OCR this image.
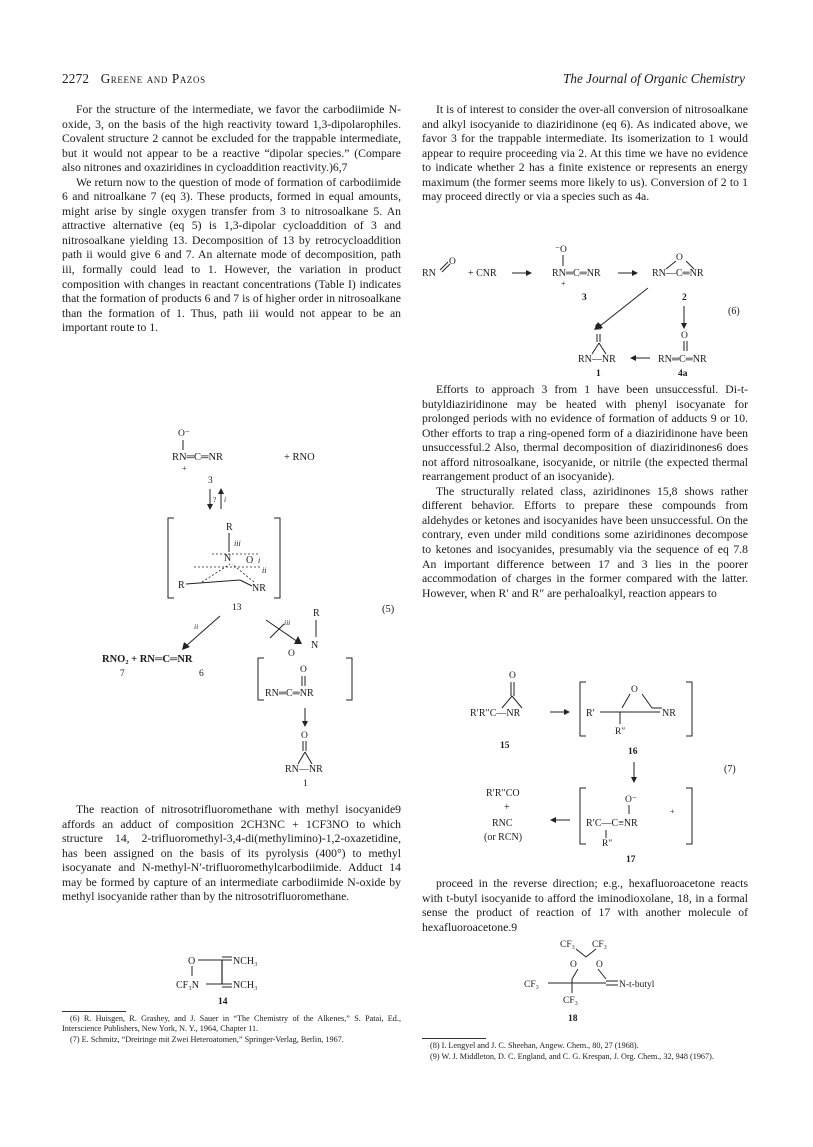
2272 Greene and Pazos	The Journal of Organic Chemistry

For the structure of the intermediate, we favor the carbodiimide N-oxide, 3, on the basis of the high reactivity toward 1,3-dipolarophiles. Covalent structure 2 cannot be excluded for the trappable intermediate, but it would not appear to be a reactive “dipolar species.” (Compare also nitrones and oxaziridines in cycloaddition reactivity.)6,7

We return now to the question of mode of formation of carbodiimide 6 and nitroalkane 7 (eq 3). These products, formed in equal amounts, might arise by single oxygen transfer from 3 to nitrosoalkane 5. An attractive alternative (eq 5) is 1,3-dipolar cycloaddition of 3 and nitrosoalkane yielding 13. Decomposition of 13 by retrocycloaddition path ii would give 6 and 7. An alternate mode of decomposition, path iii, formally could lead to 1. However, the variation in product composition with changes in reactant concentrations (Table I) indicates that the formation of products 6 and 7 is of higher order in nitrosoalkane than the formation of 1. Thus, path iii would not appear to be an important route to 1.

O⁻
RN═C═NR	+ RNO
+
3
? i
R
iii
N O i
ii
R	NR
13	(5)
ii	iii
RNO₂ + RN═C═NR
7	6
R
N
O
O
RN═C═NR
O
RN—NR
1

The reaction of nitrosotrifluoromethane with methyl isocyanide9 affords an adduct of composition 2CH3NC + 1CF3NO to which structure 14, 2-trifluoromethyl-3,4-di(methylimino)-1,2-oxazetidine, has been assigned on the basis of its pyrolysis (400°) to methyl isocyanate and N-methyl-N′-trifluoromethylcarbodiimide. Adduct 14 may be formed by capture of an intermediate carbodiimide N-oxide by methyl isocyanide rather than by the nitrosotrifluoromethane.

O	NCH₃
CF₃N	NCH₃
14

(6) R. Huisgen, R. Grashey, and J. Sauer in “The Chemistry of the Alkenes,” S. Patai, Ed., Interscience Publishers, New York, N. Y., 1964, Chapter 11.

(7) E. Schmitz, “Dreiringe mit Zwei Heteroatomen,” Springer-Verlag, Berlin, 1967.

It is of interest to consider the over-all conversion of nitrosoalkane and alkyl isocyanide to diaziridinone (eq 6). As indicated above, we favor 3 for the trappable intermediate. Its isomerization to 1 would appear to require proceeding via 2. At this time we have no evidence to indicate whether 2 has a finite existence or represents an energy maximum (the former seems more likely to us). Conversion of 2 to 1 may proceed directly or via a species such as 4a.

RN
O
+ CNR
⁻O
RN═C═NR
+
3
O
RN—C═NR
2
(6)
O
RN—NR
1
O
RN═C═NR
4a

Efforts to approach 3 from 1 have been unsuccessful. Di-t-butyldiaziridinone may be heated with phenyl isocyanate for prolonged periods with no evidence of formation of adducts 9 or 10. Other efforts to trap a ring-opened form of a diaziridinone have been unsuccessful.2 Also, thermal decomposition of diaziridinones6 does not afford nitrosoalkane, isocyanide, or nitrile (the expected thermal rearrangement product of an isocyanide).

The structurally related class, aziridinones 15,8 shows rather different behavior. Efforts to prepare these compounds from aldehydes or ketones and isocyanides have been unsuccessful. On the contrary, even under mild conditions some aziridinones decompose to ketones and isocyanides, presumably via the sequence of eq 7.8 An important difference between 17 and 3 lies in the poorer accommodation of charges in the former compared with the latter. However, when R′ and R″ are perhaloalkyl, reaction appears to

O
R′R″C—NR
15
O
R′	NR
R″
16
(7)
O⁻
+
R′C—C≡NR
R″
17
R′R″CO
+
RNC
(or RCN)

proceed in the reverse direction; e.g., hexafluoroacetone reacts with t-butyl isocyanide to afford the iminodioxolane, 18, in a formal sense the product of reaction of 17 with another molecule of hexafluoroacetone.9

CF₃ CF₃
O O
CF₃	N-t-butyl
CF₃
18

(8) I. Lengyel and J. C. Sheehan, Angew. Chem., 80, 27 (1968).

(9) W. J. Middleton, D. C. England, and C. G. Krespan, J. Org. Chem., 32, 948 (1967).
